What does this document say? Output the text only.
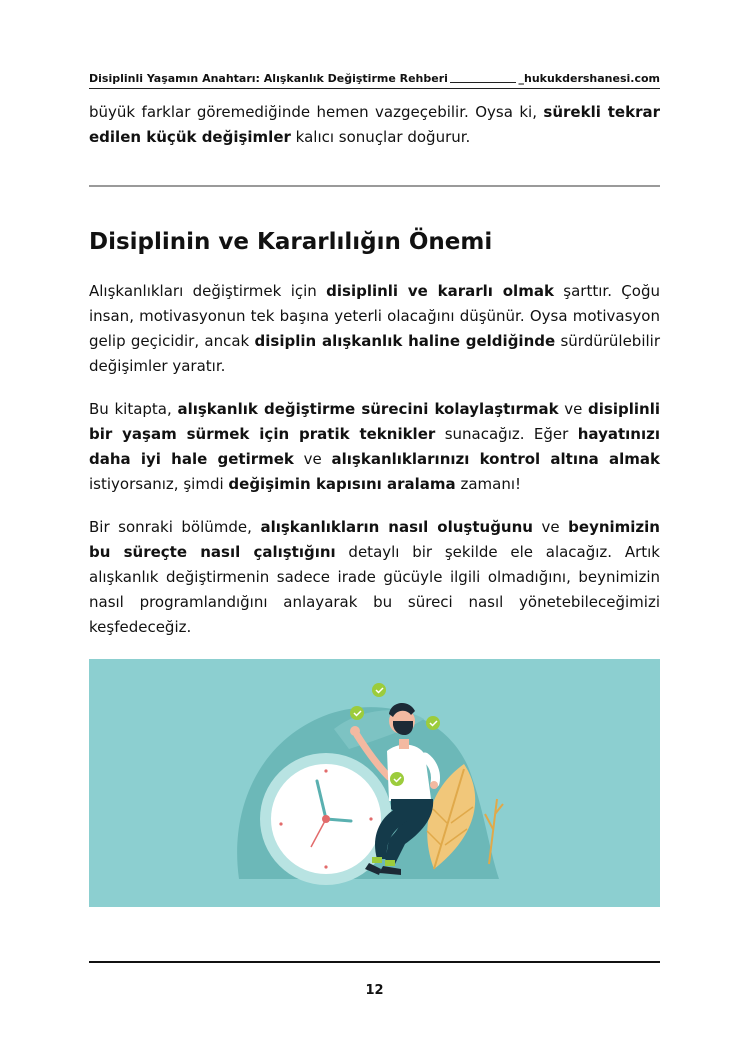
Disiplinli Yaşamın Anahtarı: Alışkanlık Değiştirme Rehberi	_hukukdershanesi.com

büyük farklar göremediğinde hemen vazgeçebilir. Oysa ki, sürekli tekrar edilen küçük değişimler kalıcı sonuçlar doğurur.

Disiplinin ve Kararlılığın Önemi

Alışkanlıkları değiştirmek için disiplinli ve kararlı olmak şarttır. Çoğu insan, motivasyonun tek başına yeterli olacağını düşünür. Oysa motivasyon gelip geçicidir, ancak disiplin alışkanlık haline geldiğinde sürdürülebilir değişimler yaratır.

Bu kitapta, alışkanlık değiştirme sürecini kolaylaştırmak ve disiplinli bir yaşam sürmek için pratik teknikler sunacağız. Eğer hayatınızı daha iyi hale getirmek ve alışkanlıklarınızı kontrol altına almak istiyorsanız, şimdi değişimin kapısını aralama zamanı!

Bir sonraki bölümde, alışkanlıkların nasıl oluştuğunu ve beynimizin bu süreçte nasıl çalıştığını detaylı bir şekilde ele alacağız. Artık alışkanlık değiştirmenin sadece irade gücüyle ilgili olmadığını, beynimizin nasıl programlandığını anlayarak bu süreci nasıl yönetebileceğimizi keşfedeceğiz.

12
